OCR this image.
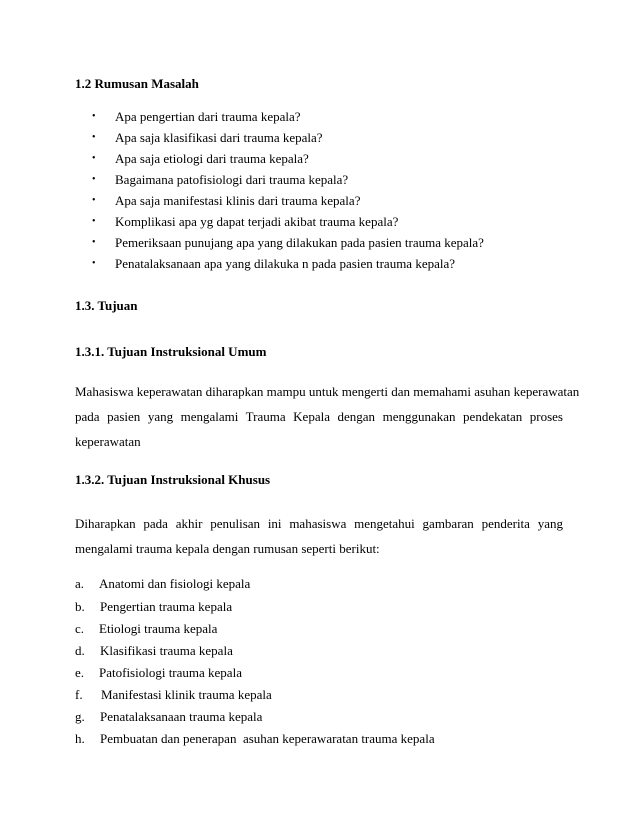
1.2 Rumusan Masalah
• Apa pengertian dari trauma kepala?
• Apa saja klasifikasi dari trauma kepala?
• Apa saja etiologi dari trauma kepala?
• Bagaimana patofisiologi dari trauma kepala?
• Apa saja manifestasi klinis dari trauma kepala?
• Komplikasi apa yg dapat terjadi akibat trauma kepala?
• Pemeriksaan punujang apa yang dilakukan pada pasien trauma kepala?
• Penatalaksanaan apa yang dilakuka n pada pasien trauma kepala?
1.3. Tujuan
1.3.1. Tujuan Instruksional Umum
Mahasiswa keperawatan diharapkan mampu untuk mengerti dan memahami asuhan keperawatan
pada pasien yang mengalami Trauma Kepala dengan menggunakan pendekatan proses
keperawatan
1.3.2. Tujuan Instruksional Khusus
Diharapkan pada akhir penulisan ini mahasiswa mengetahui gambaran penderita yang
mengalami trauma kepala dengan rumusan seperti berikut:
a. Anatomi dan fisiologi kepala
b. Pengertian trauma kepala
c. Etiologi trauma kepala
d. Klasifikasi trauma kepala
e. Patofisiologi trauma kepala
f. Manifestasi klinik trauma kepala
g. Penatalaksanaan trauma kepala
h. Pembuatan dan penerapan  asuhan keperawaratan trauma kepala
